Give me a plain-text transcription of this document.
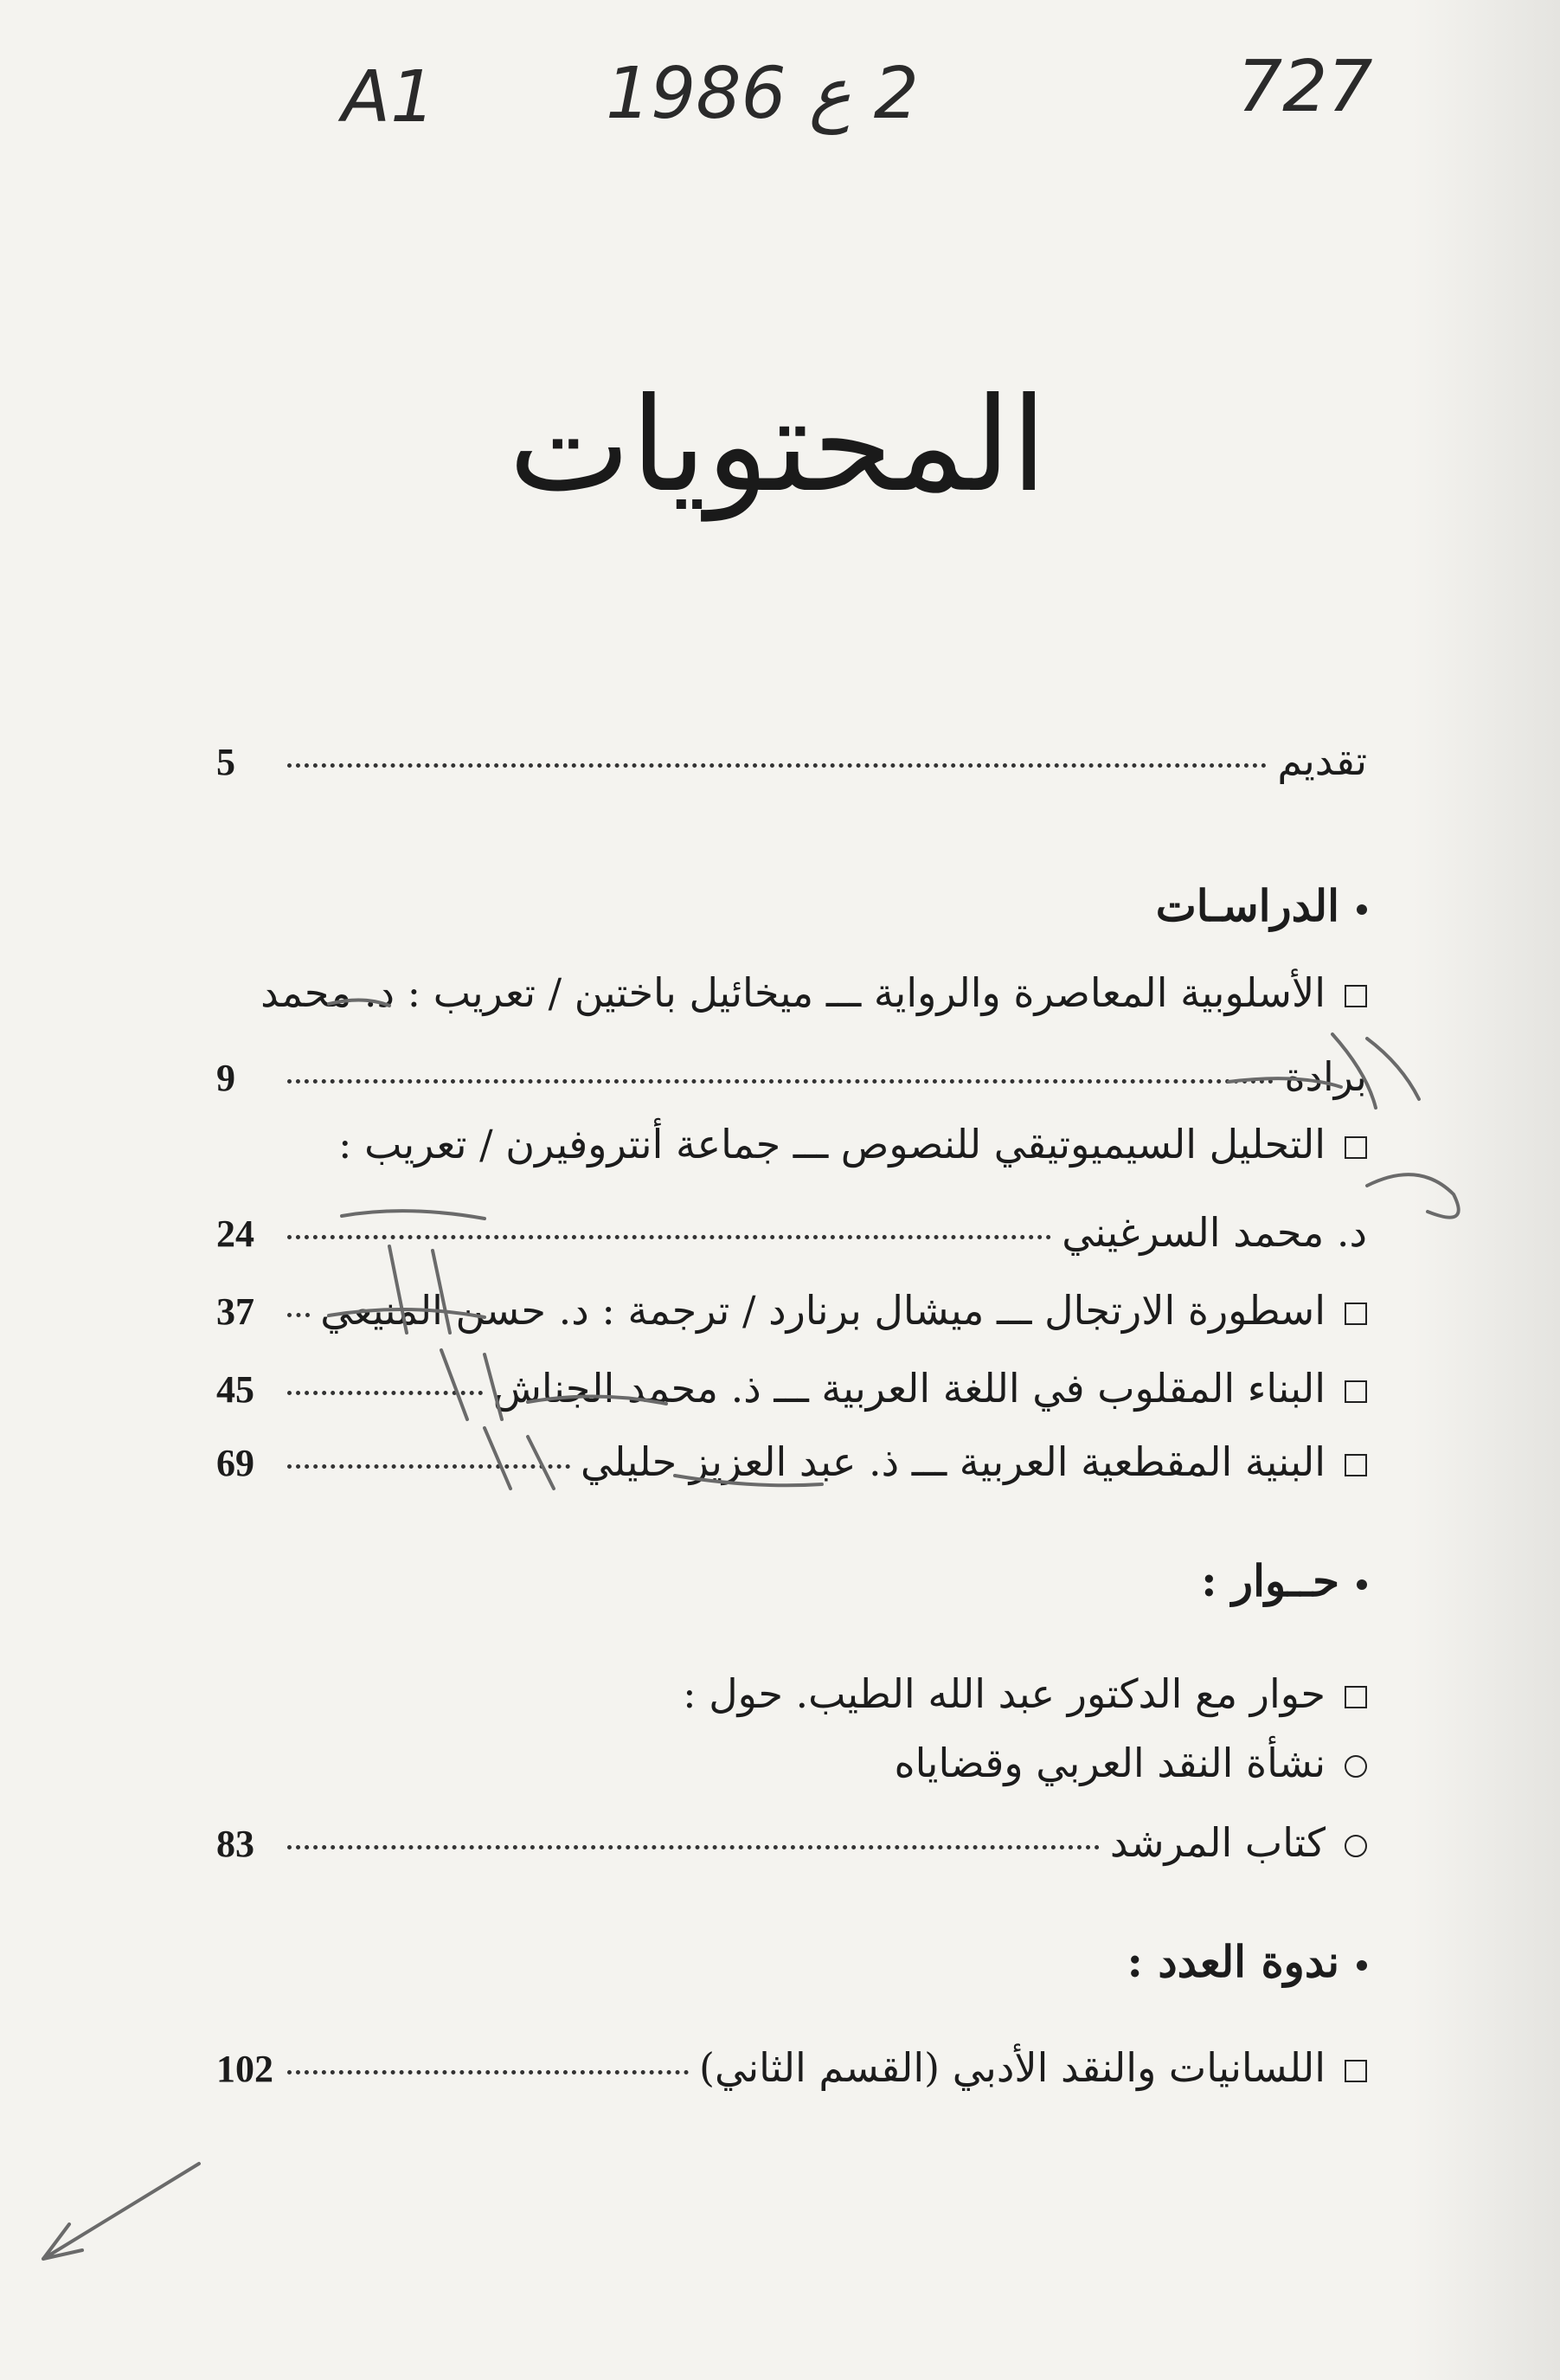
A1 2 ع 1986	727
المحتويات
تقديم
5
الدراسـات
الأسلوبية المعاصرة والرواية ـــ ميخائيل باختين / تعريب : د. محمد
برادة
9
التحليل السيميوتيقي للنصوص ـــ جماعة أنتروفيرن / تعريب :
د. محمد السرغيني
24
اسطورة الارتجال ـــ ميشال برنارد / ترجمة : د. حسن المنيعي
37
البناء المقلوب في اللغة العربية ـــ ذ. محمد الجناش
45
البنية المقطعية العربية ـــ ذ. عبد العزيز حليلي
69
حــوار :
حوار مع الدكتور عبد الله الطيب. حول :
نشأة النقد العربي وقضاياه
كتاب المرشد
83
ندوة العدد :
اللسانيات والنقد الأدبي (القسم الثاني)
102
